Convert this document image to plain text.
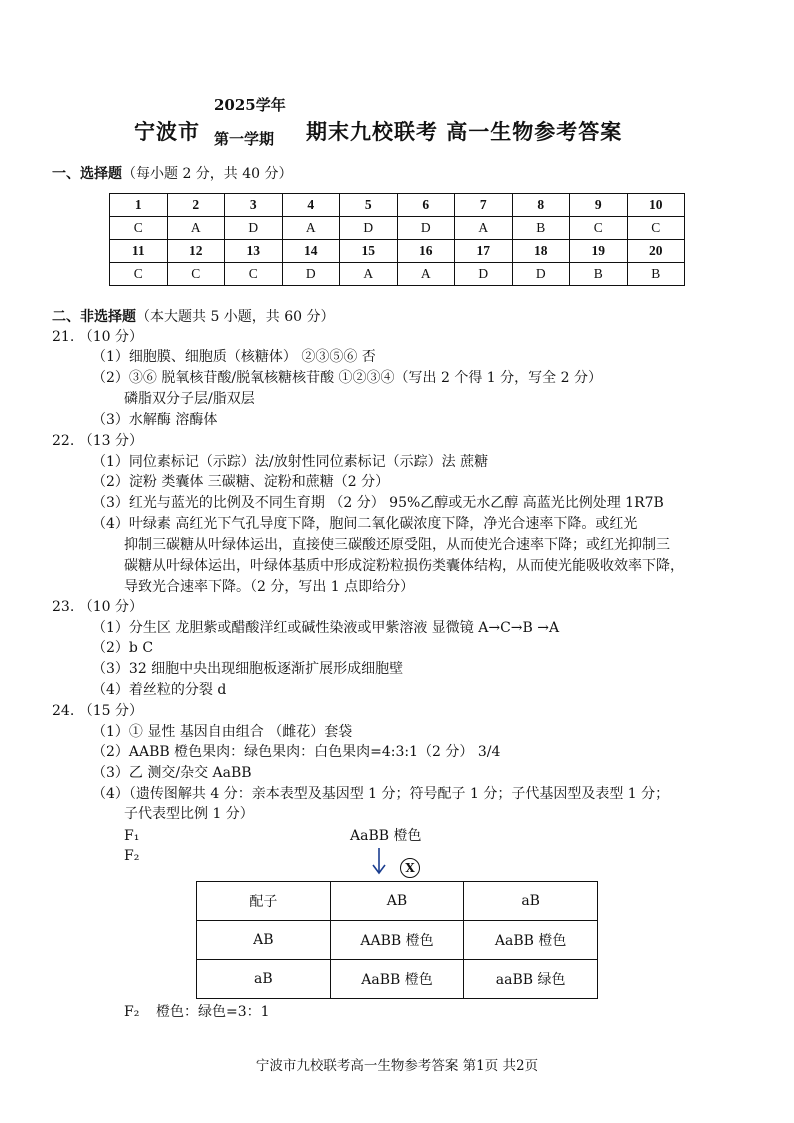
宁波市
2025学年
第一学期 期末九校联考 高一生物参考答案
一、选择题（每小题 2 分，共 40 分）
1	2	3	4	5	6	7	8	9	10
C	A	D	A	D	D	A	B	C	C
11	12	13	14	15	16	17	18	19	20
C	C	C	D	A	A	D	D	B	B
二、非选择题（本大题共 5 小题，共 60 分）
21. （10 分）
（1）细胞膜、细胞质（核糖体） ②③⑤⑥ 否
（2）③⑥ 脱氧核苷酸/脱氧核糖核苷酸 ①②③④（写出 2 个得 1 分，写全 2 分）
磷脂双分子层/脂双层
（3）水解酶 溶酶体
22. （13 分）
（1）同位素标记（示踪）法/放射性同位素标记（示踪）法 蔗糖
（2）淀粉 类囊体 三碳糖、淀粉和蔗糖（2 分）
（3）红光与蓝光的比例及不同生育期 （2 分） 95%乙醇或无水乙醇 高蓝光比例处理 1R7B
（4）叶绿素 高红光下气孔导度下降，胞间二氧化碳浓度下降，净光合速率下降。或红光
抑制三碳糖从叶绿体运出，直接使三碳酸还原受阻，从而使光合速率下降；或红光抑制三
碳糖从叶绿体运出，叶绿体基质中形成淀粉粒损伤类囊体结构，从而使光能吸收效率下降，
导致光合速率下降。（2 分，写出 1 点即给分）
23. （10 分）
（1）分生区 龙胆紫或醋酸洋红或碱性染液或甲紫溶液 显微镜 A→C→B →A
（2）b C
（3）32 细胞中央出现细胞板逐渐扩展形成细胞壁
（4）着丝粒的分裂 d
24. （15 分）
（1）① 显性 基因自由组合 （雌花）套袋
（2）AABB 橙色果肉：绿色果肉：白色果肉=4:3:1（2 分） 3/4
（3）乙 测交/杂交 AaBB
（4）（遗传图解共 4 分：亲本表型及基因型 1 分；符号配子 1 分；子代基因型及表型 1 分；
子代表型比例 1 分）
F₁
F₂
AaBB 橙色
X
配子	AB	aB
AB	AABB 橙色	AaBB 橙色
aB	AaBB 橙色	aaBB 绿色
F₂ 橙色：绿色=3：1
宁波市九校联考高一生物参考答案 第1页 共2页
